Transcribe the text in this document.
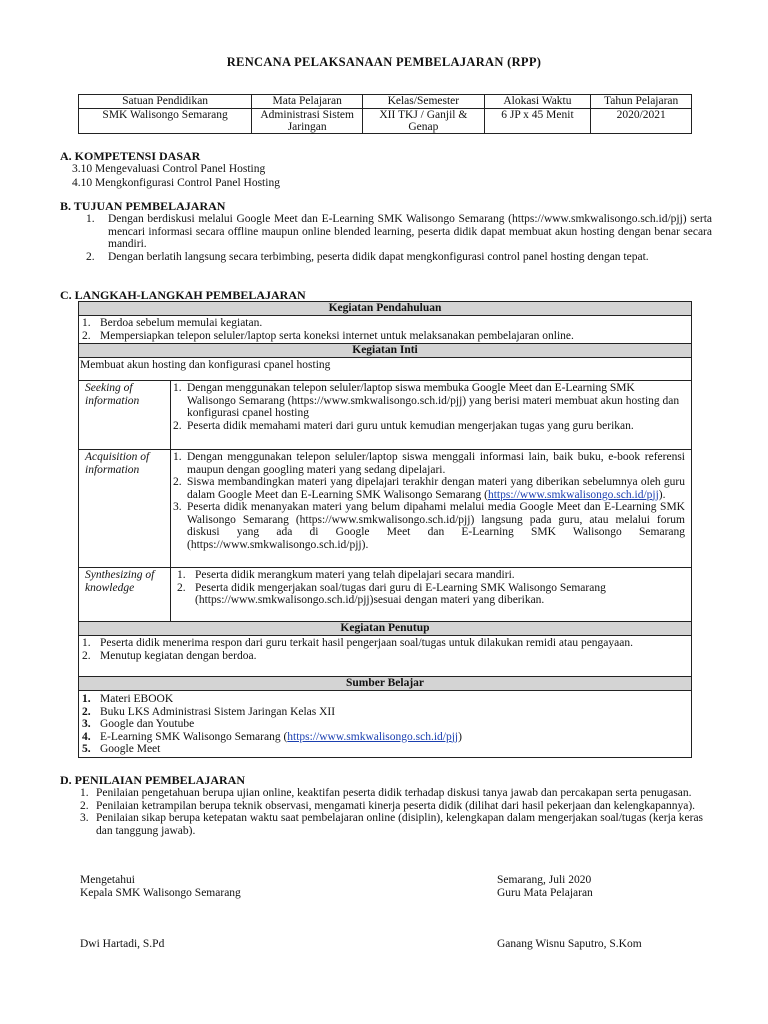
RENCANA PELAKSANAAN PEMBELAJARAN (RPP)
Satuan Pendidikan	Mata Pelajaran	Kelas/Semester	Alokasi Waktu	Tahun Pelajaran
SMK Walisongo Semarang	Administrasi Sistem Jaringan	XII TKJ / Ganjil & Genap	6 JP x 45 Menit	2020/2021
A. KOMPETENSI DASAR
3.10 Mengevaluasi Control Panel Hosting
4.10 Mengkonfigurasi Control Panel Hosting
B. TUJUAN PEMBELAJARAN
1.	Dengan berdiskusi melalui Google Meet dan E-Learning SMK Walisongo Semarang (https://www.smkwalisongo.sch.id/pjj) serta mencari informasi secara offline maupun online blended learning, peserta didik dapat membuat akun hosting dengan benar secara mandiri.
2.	Dengan berlatih langsung secara terbimbing, peserta didik dapat mengkonfigurasi control panel hosting dengan tepat.
C. LANGKAH-LANGKAH PEMBELAJARAN
Kegiatan Pendahuluan
1. Berdoa sebelum memulai kegiatan.
2. Mempersiapkan telepon seluler/laptop serta koneksi internet untuk melaksanakan pembelajaran online.
Kegiatan Inti
Membuat akun hosting dan konfigurasi cpanel hosting
Seeking of information
1. Dengan menggunakan telepon seluler/laptop siswa membuka Google Meet dan E-Learning SMK Walisongo Semarang (https://www.smkwalisongo.sch.id/pjj) yang berisi materi membuat akun hosting dan konfigurasi cpanel hosting
2. Peserta didik memahami materi dari guru untuk kemudian mengerjakan tugas yang guru berikan.
Acquisition of information
1. Dengan menggunakan telepon seluler/laptop siswa menggali informasi lain, baik buku, e-book referensi maupun dengan googling materi yang sedang dipelajari.
2. Siswa membandingkan materi yang dipelajari terakhir dengan materi yang diberikan sebelumnya oleh guru dalam Google Meet dan E-Learning SMK Walisongo Semarang (https://www.smkwalisongo.sch.id/pjj).
3. Peserta didik menanyakan materi yang belum dipahami melalui media Google Meet dan E-Learning SMK Walisongo Semarang (https://www.smkwalisongo.sch.id/pjj) langsung pada guru, atau melalui forum diskusi yang ada di Google Meet dan E-Learning SMK Walisongo Semarang (https://www.smkwalisongo.sch.id/pjj).
Synthesizing of knowledge
1. Peserta didik merangkum materi yang telah dipelajari secara mandiri.
2. Peserta didik mengerjakan soal/tugas dari guru di E-Learning SMK Walisongo Semarang (https://www.smkwalisongo.sch.id/pjj)sesuai dengan materi yang diberikan.
Kegiatan Penutup
1. Peserta didik menerima respon dari guru terkait hasil pengerjaan soal/tugas untuk dilakukan remidi atau pengayaan.
2. Menutup kegiatan dengan berdoa.
Sumber Belajar
1. Materi EBOOK
2. Buku LKS Administrasi Sistem Jaringan Kelas XII
3. Google dan Youtube
4. E-Learning SMK Walisongo Semarang (https://www.smkwalisongo.sch.id/pjj)
5. Google Meet
D. PENILAIAN PEMBELAJARAN
1. Penilaian pengetahuan berupa ujian online, keaktifan peserta didik terhadap diskusi tanya jawab dan percakapan serta penugasan.
2. Penilaian ketrampilan berupa teknik observasi, mengamati kinerja peserta didik (dilihat dari hasil pekerjaan dan kelengkapannya).
3. Penilaian sikap berupa ketepatan waktu saat pembelajaran online (disiplin), kelengkapan dalam mengerjakan soal/tugas (kerja keras dan tanggung jawab).
Mengetahui
Kepala SMK Walisongo Semarang
Semarang, Juli 2020
Guru Mata Pelajaran
Dwi Hartadi, S.Pd	Ganang Wisnu Saputro, S.Kom
